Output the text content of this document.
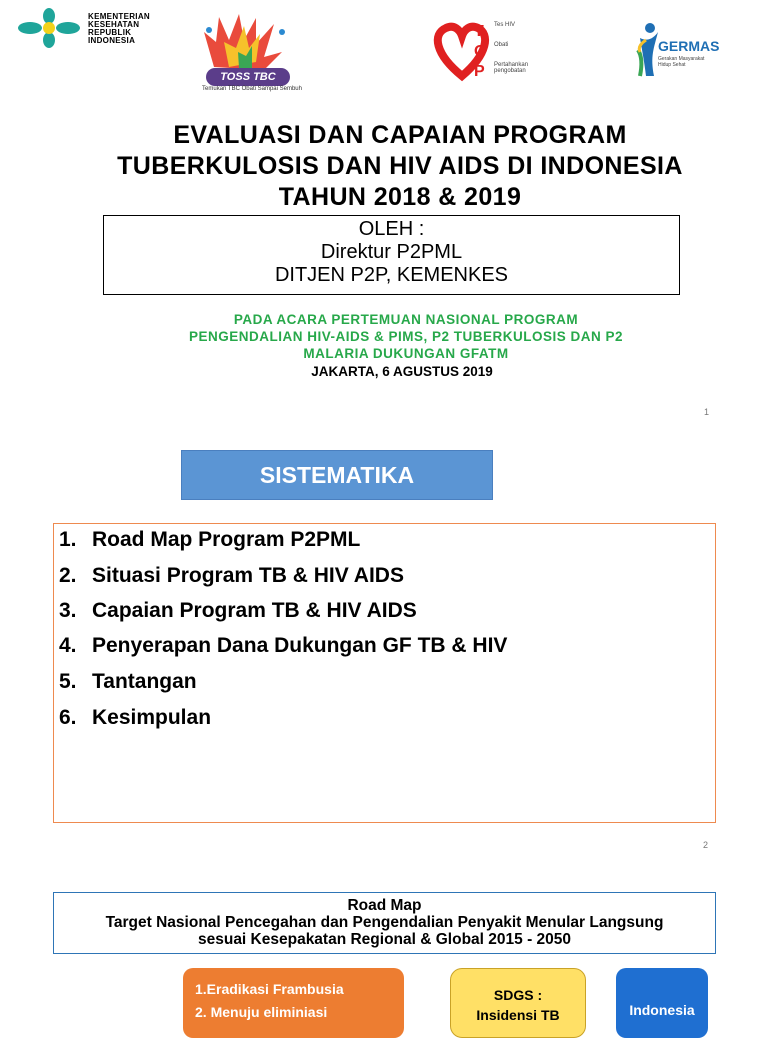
KEMENTERIAN
KESEHATAN
REPUBLIK
INDONESIA
TOSS TBC
Temukan TBC Obati Sampai Sembuh
T
O
P
Tes HIV
Obati
Pertahankan pengobatan
GERMAS
Gerakan Masyarakat Hidup Sehat
EVALUASI DAN CAPAIAN PROGRAM
TUBERKULOSIS DAN HIV AIDS DI INDONESIA
TAHUN 2018 & 2019
OLEH :
Direktur P2PML
DITJEN P2P, KEMENKES
PADA ACARA PERTEMUAN NASIONAL PROGRAM
PENGENDALIAN HIV-AIDS & PIMS, P2 TUBERKULOSIS DAN P2
MALARIA DUKUNGAN GFATM
JAKARTA, 6 AGUSTUS 2019
1
SISTEMATIKA
1. Road Map Program P2PML
2. Situasi Program TB & HIV AIDS
3. Capaian Program TB & HIV AIDS
4. Penyerapan Dana Dukungan GF TB & HIV
5. Tantangan
6. Kesimpulan
2
Road Map
Target Nasional Pencegahan dan Pengendalian Penyakit Menular Langsung
sesuai Kesepakatan Regional & Global 2015 - 2050
1.Eradikasi Frambusia
2. Menuju eliminiasi
SDGS :
Insidensi TB	Indonesia
